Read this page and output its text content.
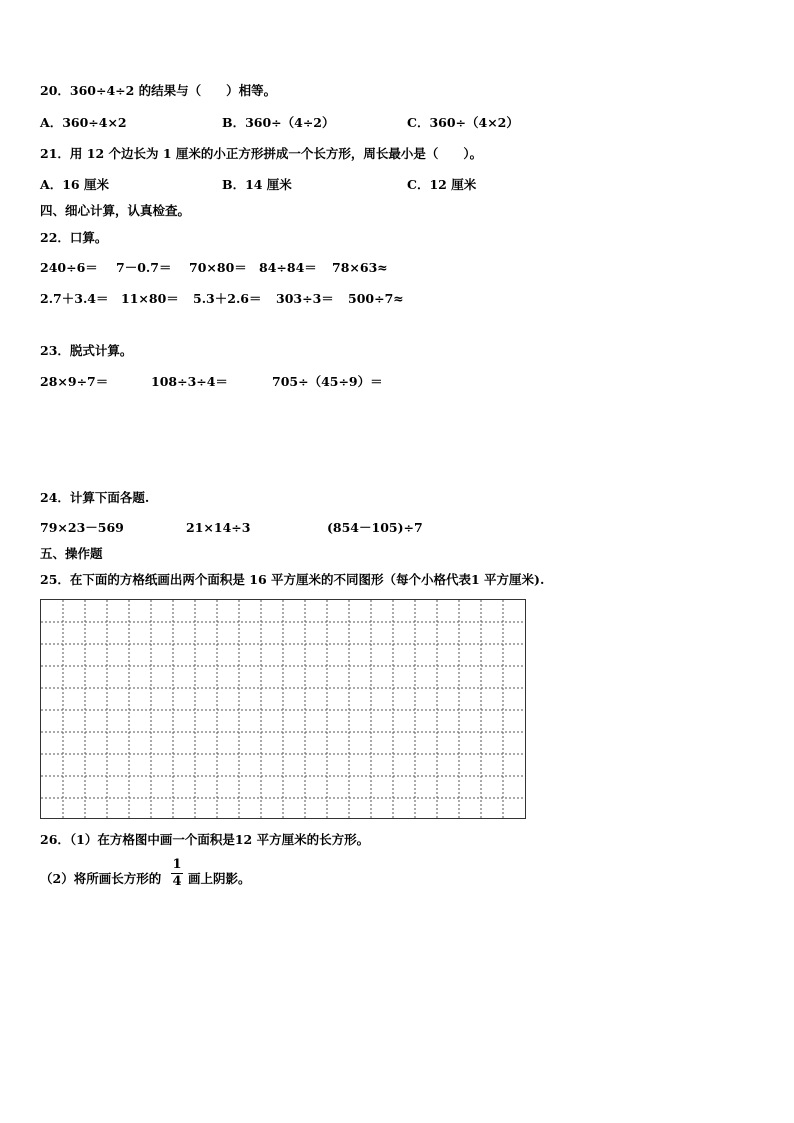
20．360÷4÷2 的结果与（　　）相等。
A．360÷4×2	B．360÷（4÷2）	C．360÷（4×2）
21．用 12 个边长为 1 厘米的小正方形拼成一个长方形，周长最小是（　　）。
A．16 厘米	B．14 厘米	C．12 厘米
四、细心计算，认真检查。
22．口算。
240÷6＝ 7－0.7＝ 70×80＝ 84÷84＝ 78×63≈
2.7＋3.4＝ 11×80＝ 5.3＋2.6＝ 303÷3＝ 500÷7≈
23．脱式计算。
28×9÷7＝	108÷3÷4＝	705÷（45÷9）＝
24．计算下面各题.
79×23－569	21×14÷3	(854－105)÷7
五、操作题
25．在下面的方格纸画出两个面积是 16 平方厘米的不同图形（每个小格代表1 平方厘米).
26．（1）在方格图中画一个面积是12 平方厘米的长方形。
（2）将所画长方形的
1
4 画上阴影。
